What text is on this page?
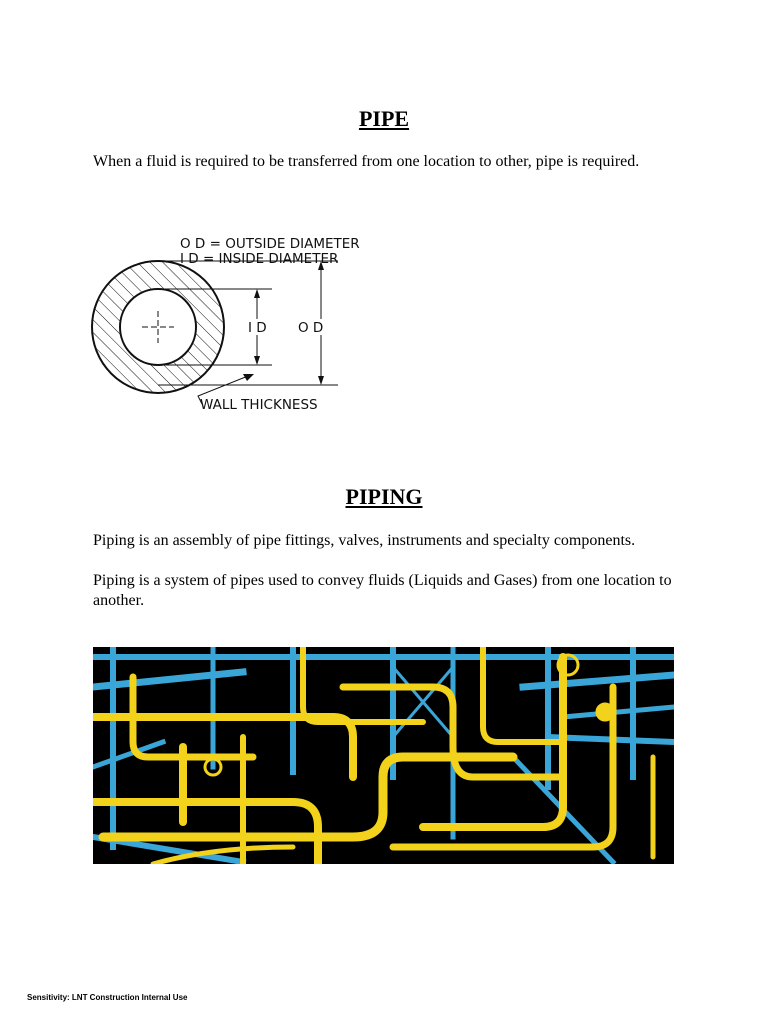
PIPE

When a fluid is required to be transferred from one location to other, pipe is required.

O D = OUTSIDE DIAMETER
I D = INSIDE DIAMETER
I D O D
WALL THICKNESS
PIPING

Piping is an assembly of pipe fittings, valves, instruments and specialty components.

Piping is a system of pipes used to convey fluids (Liquids and Gases) from one location to another.

Sensitivity: LNT Construction Internal Use
